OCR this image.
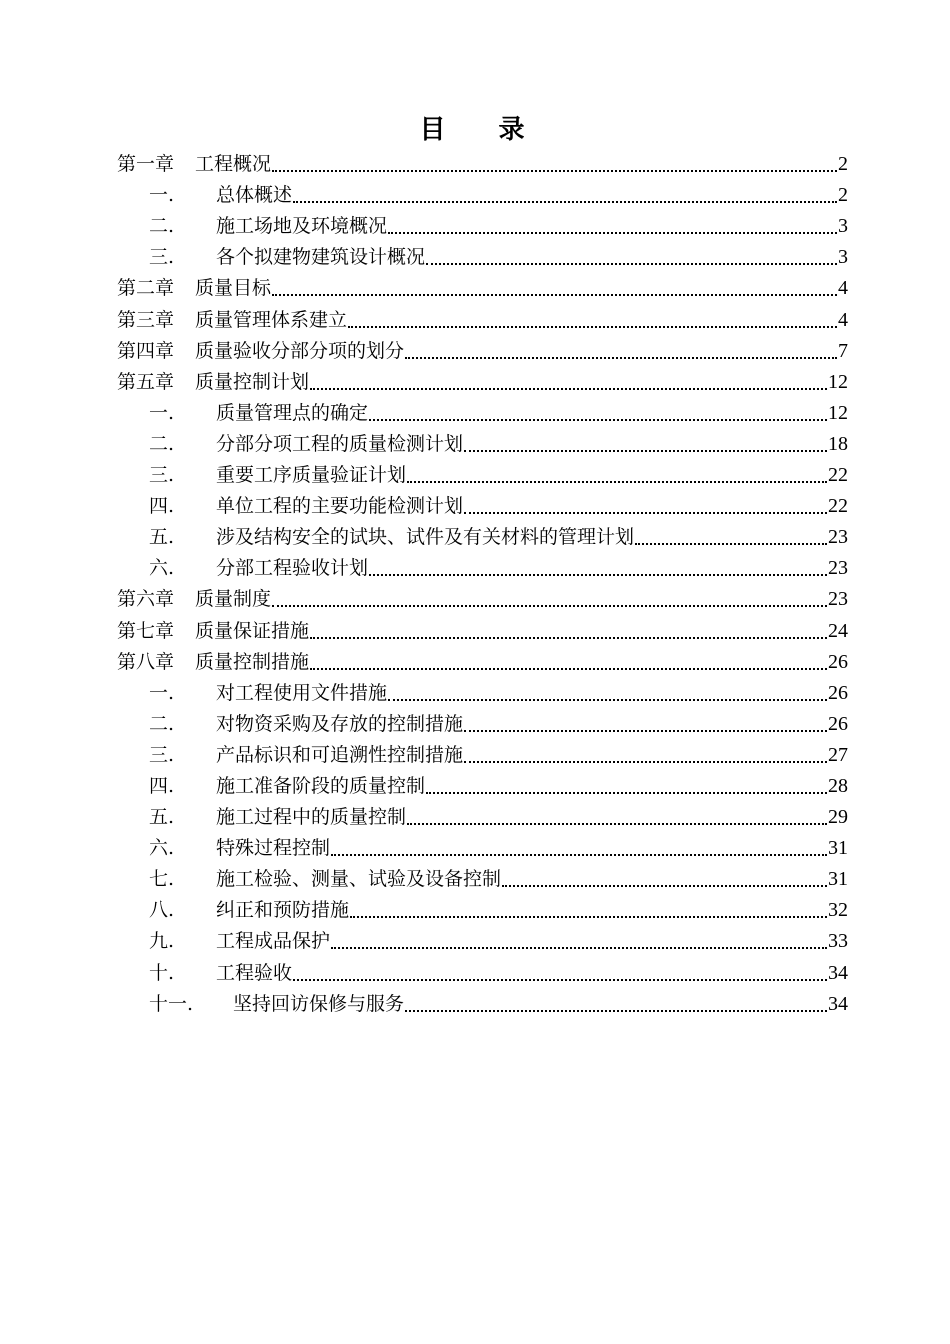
目 录
第一章	工程概况	2
一.	总体概述	2
二.	施工场地及环境概况	3
三.	各个拟建物建筑设计概况	3
第二章	质量目标	4
第三章	质量管理体系建立	4
第四章	质量验收分部分项的划分	7
第五章	质量控制计划	12
一.	质量管理点的确定	12
二.	分部分项工程的质量检测计划	18
三.	重要工序质量验证计划	22
四.	单位工程的主要功能检测计划	22
五.	涉及结构安全的试块、试件及有关材料的管理计划	23
六.	分部工程验收计划	23
第六章	质量制度	23
第七章	质量保证措施	24
第八章	质量控制措施	26
一.	对工程使用文件措施	26
二.	对物资采购及存放的控制措施	26
三.	产品标识和可追溯性控制措施	27
四.	施工准备阶段的质量控制	28
五.	施工过程中的质量控制	29
六.	特殊过程控制	31
七.	施工检验、测量、试验及设备控制	31
八.	纠正和预防措施	32
九.	工程成品保护	33
十.	工程验收	34
十一.	坚持回访保修与服务	34
